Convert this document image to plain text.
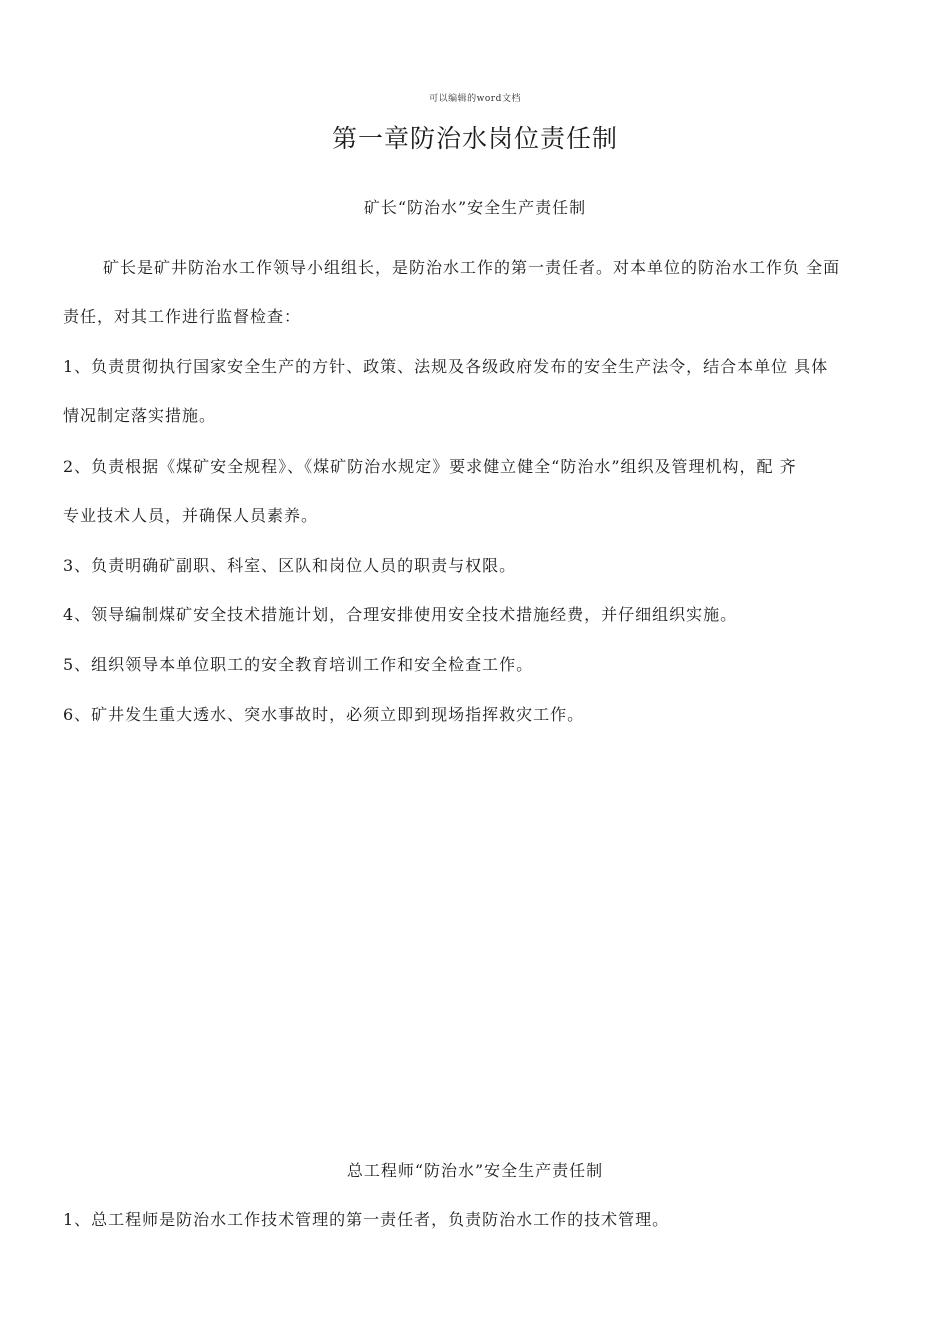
可以编辑的word文档
第一章防治水岗位责任制
矿长“防治水”安全生产责任制
矿长是矿井防治水工作领导小组组长，是防治水工作的第一责任者。对本单位的防治水工作负 全面
责任，对其工作进行监督检查：
1、负责贯彻执行国家安全生产的方针、政策、法规及各级政府发布的安全生产法令，结合本单位 具体
情况制定落实措施。
2、负责根据《煤矿安全规程》、《煤矿防治水规定》要求健立健全“防治水”组织及管理机构，配 齐
专业技术人员，并确保人员素养。
3、负责明确矿副职、科室、区队和岗位人员的职责与权限。
4、领导编制煤矿安全技术措施计划，合理安排使用安全技术措施经费，并仔细组织实施。
5、组织领导本单位职工的安全教育培训工作和安全检查工作。
6、矿井发生重大透水、突水事故时，必须立即到现场指挥救灾工作。
总工程师“防治水”安全生产责任制
1、总工程师是防治水工作技术管理的第一责任者，负责防治水工作的技术管理。
